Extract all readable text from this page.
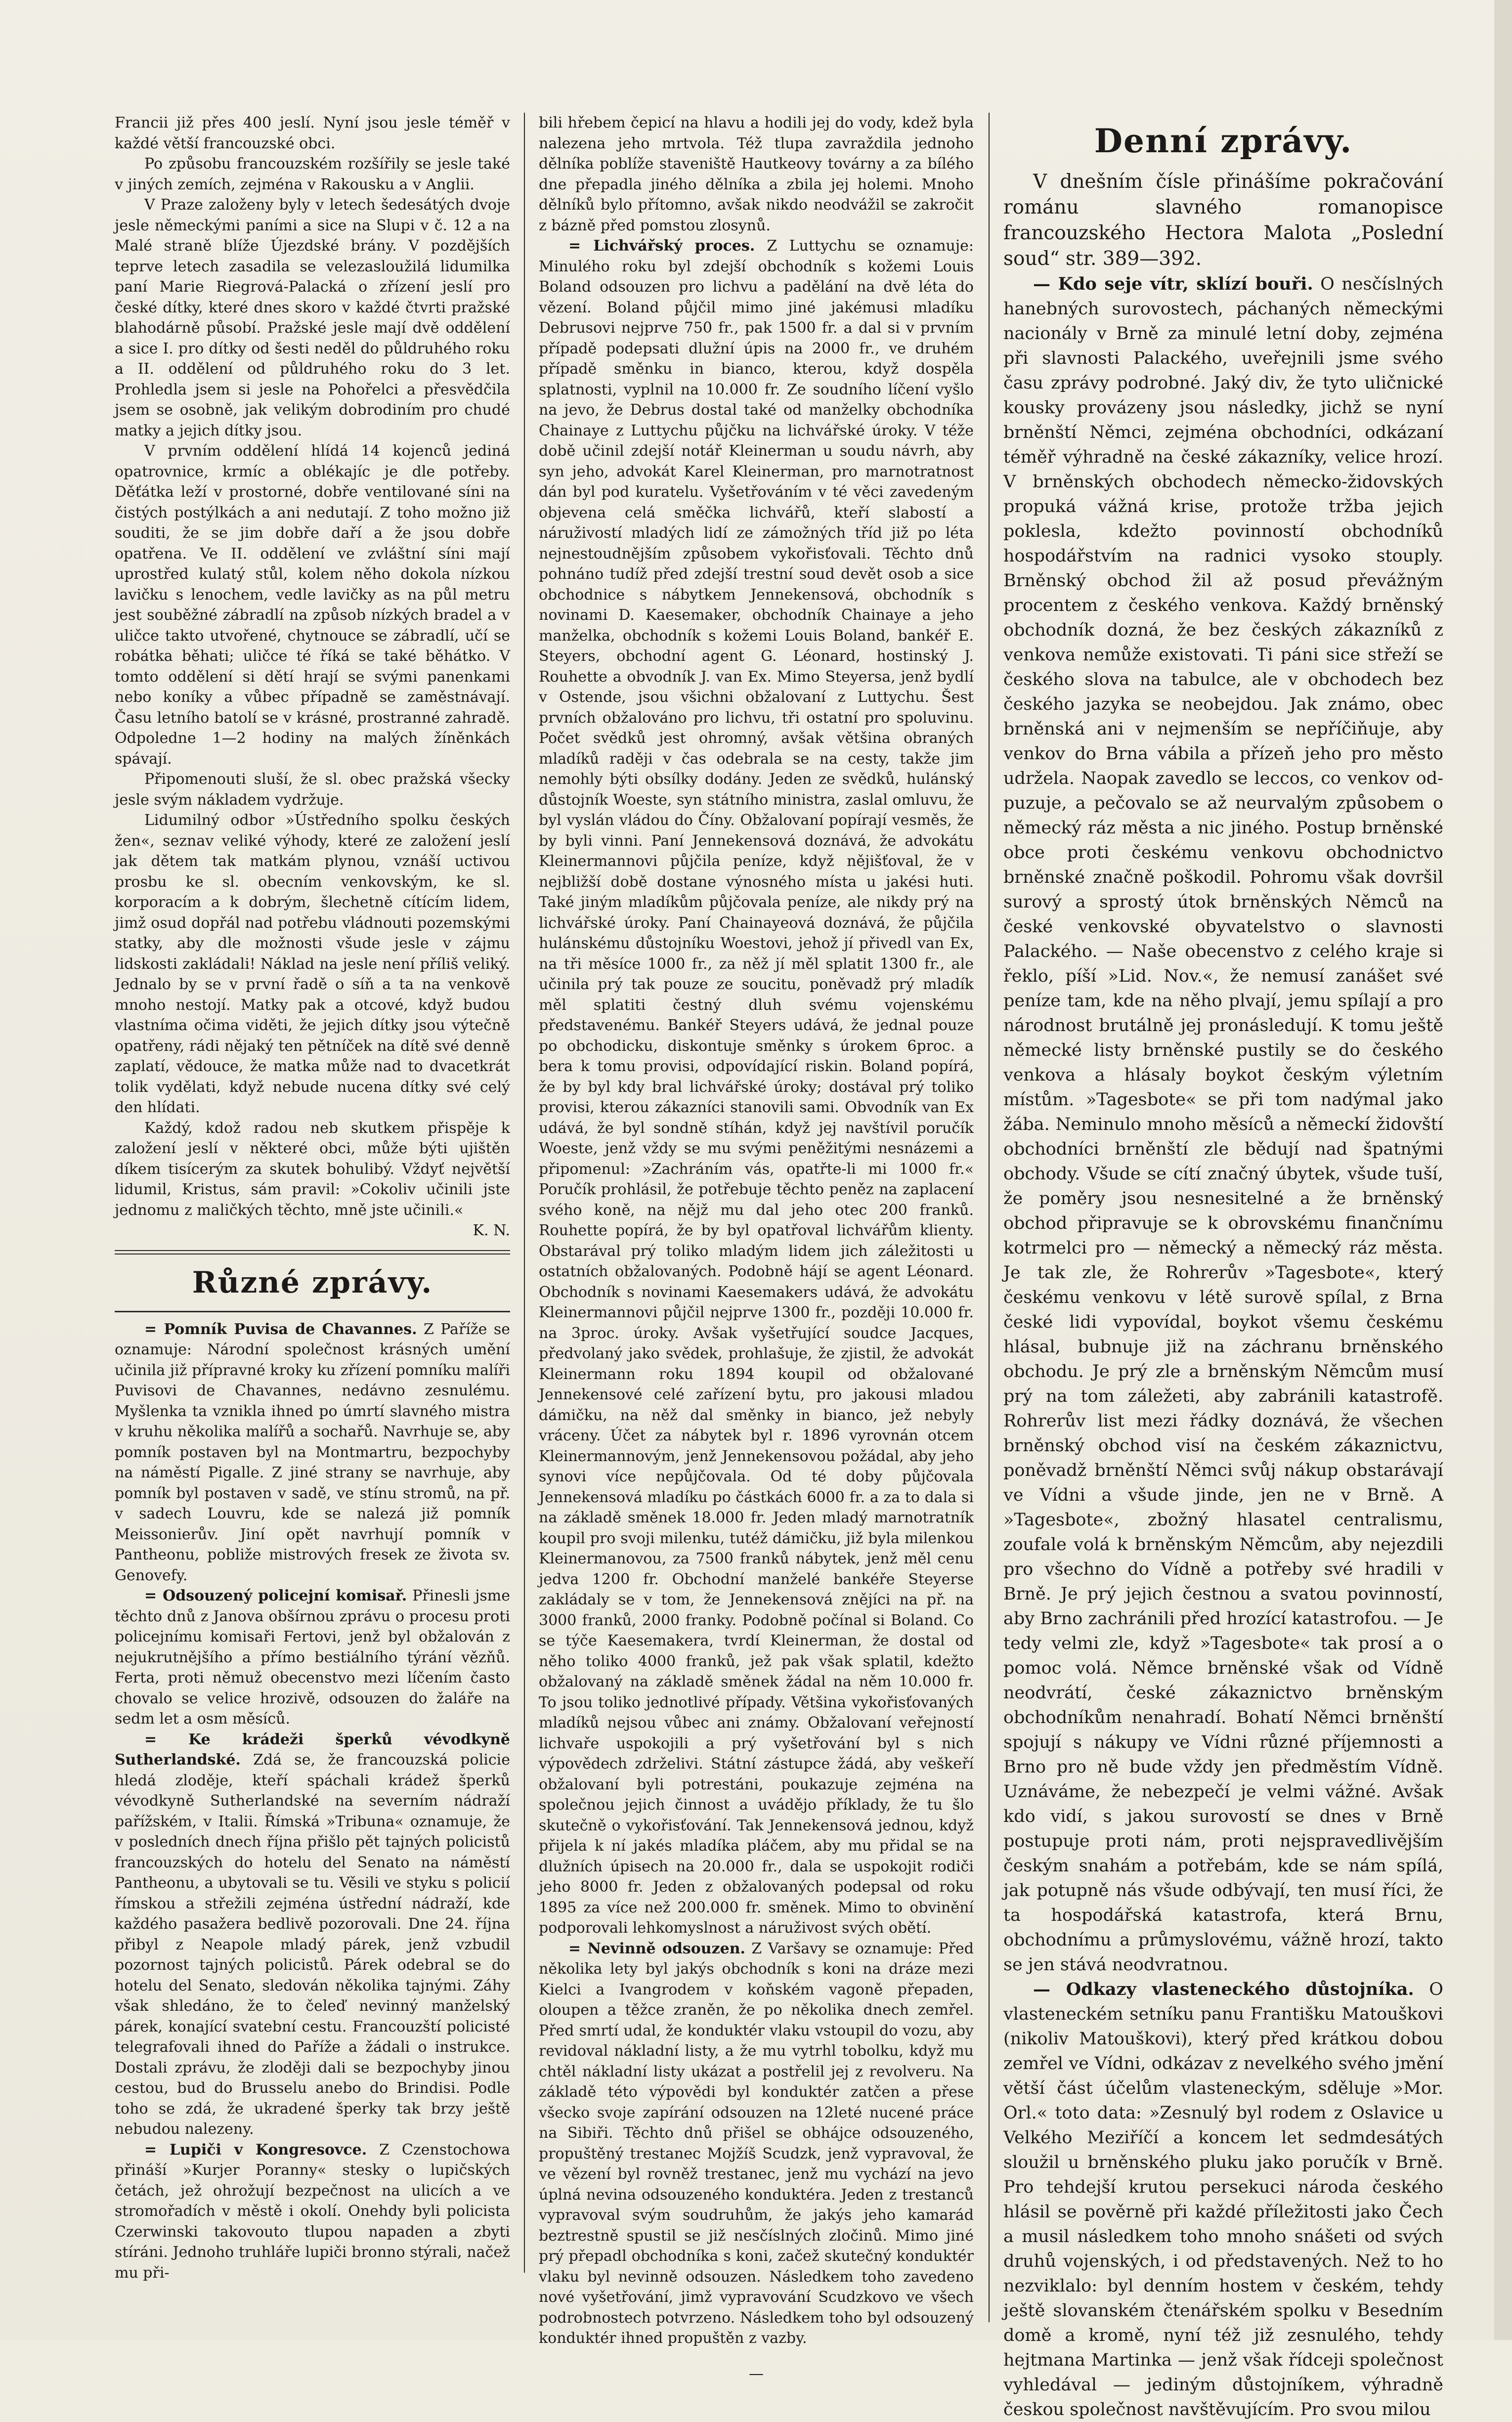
Francii již přes 400 jeslí. Nyní jsou jesle téměř v každé větší francouzské obci.

Po způsobu francouzském rozšířily se jesle také v jiných zemích, zejména v Rakousku a v Anglii.

V Praze založeny byly v letech šedesátých dvoje jesle německými paními a sice na Slupi v č. 12 a na Malé straně blíže Újezdské brány. V pozdějších teprve letech zasadila se velezasloužilá lidumilka paní Marie Riegrová-Palacká o zřízení jeslí pro české dítky, které dnes skoro v každé čtvrti pražské blahodárně působí. Pražské jesle mají dvě oddělení a sice I. pro dítky od šesti neděl do půldruhého roku a II. oddělení od půldruhého roku do 3 let. Prohledla jsem si jesle na Pohořelci a přesvědčila jsem se osobně, jak velikým dobrodiním pro chudé matky a jejich dítky jsou.

V prvním oddělení hlídá 14 kojenců jediná opatrovnice, krmíc a oblékajíc je dle potřeby. Děťátka leží v prostorné, dobře ventilované síni na čistých postýlkách a ani nedutají. Z toho možno již souditi, že se jim dobře daří a že jsou dobře opatřena. Ve II. oddělení ve zvláštní síni mají uprostřed kulatý stůl, kolem něho dokola nízkou lavičku s lenochem, vedle lavičky as na půl metru jest souběžné zábradlí na způsob nízkých bradel a v uličce takto utvořené, chytnouce se zábradlí, učí se robátka běhati; uličce té říká se také běhátko. V tomto oddělení si dětí hrají se svými panenkami nebo koníky a vůbec případně se zaměstnávají. Času letního batolí se v krásné, prostranné zahradě. Odpoledne 1—2 hodiny na malých žíněnkách spávají.

Připomenouti sluší, že sl. obec pražská všecky jesle svým nákladem vydržuje.

Lidumilný odbor »Ústředního spolku českých žen«, seznav veliké výhody, které ze založení jeslí jak dětem tak matkám plynou, vznáší uctivou prosbu ke sl. obecním venkovským, ke sl. korporacím a k dobrým, šlechetně cítícím lidem, jimž osud dopřál nad potřebu vládnouti pozemskými statky, aby dle možnosti všude jesle v zájmu lidskosti zakládali! Náklad na jesle není příliš veliký. Jednalo by se v první řadě o síň a ta na venkově mnoho nestojí. Matky pak a otcové, když budou vlastníma očima viděti, že jejich dítky jsou výtečně opatřeny, rádi nějaký ten pětníček na dítě své denně zaplatí, vědouce, že matka může nad to dvacetkrát tolik vydělati, když nebude nucena dítky své celý den hlídati.

Každý, kdož radou neb skutkem přispěje k založení jeslí v některé obci, může býti ujištěn díkem tisícerým za skutek bohulibý. Vždyť největší lidumil, Kristus, sám pravil: »Cokoliv učinili jste jednomu z maličkých těchto, mně jste učinili.«

K. N.
Různé zprávy.

= Pomník Puvisa de Chavannes. Z Paříže se oznamuje: Národní společnost krásných umění učinila již přípravné kroky ku zřízení pomníku malíři Puvisovi de Chavannes, nedávno zesnulému. Myšlenka ta vznikla ihned po úmrtí slavného mistra v kruhu několika malířů a sochařů. Navrhuje se, aby pomník postaven byl na Montmartru, bezpochyby na náměstí Pigalle. Z jiné strany se navrhuje, aby pomník byl postaven v sadě, ve stínu stromů, na př. v sadech Louvru, kde se nalezá již pomník Meissonierův. Jiní opět navrhují pomník v Pantheonu, pobliže mistrových fresek ze života sv. Genovefy.

= Odsouzený policejní komisař. Přinesli jsme těchto dnů z Janova obšírnou zprávu o procesu proti policejnímu komisaři Fertovi, jenž byl obžalován z nejukrutnějšího a přímo bestiálního týrání vězňů. Ferta, proti němuž obecenstvo mezi líčením často chovalo se velice hrozivě, odsouzen do žaláře na sedm let a osm měsíců.

= Ke krádeži šperků vévodkyně Sutherlandské. Zdá se, že francouzská policie hledá zloděje, kteří spáchali krádež šperků vévodkyně Sutherlandské na severním nádraží pařížském, v Italii. Římská »Tribuna« oznamuje, že v posledních dnech října přišlo pět tajných policistů francouzských do hotelu del Senato na náměstí Pantheonu, a ubytovali se tu. Věsili ve styku s policií římskou a střežili zejména ústřední nádraží, kde každého pasažera bedlivě pozorovali. Dne 24. října přibyl z Neapole mladý párek, jenž vzbudil pozornost tajných policistů. Párek odebral se do hotelu del Senato, sledován několika tajnými. Záhy však shledáno, že to čeleď nevinný manželský párek, konající svatební cestu. Francouzští policisté telegrafovali ihned do Paříže a žádali o instrukce. Dostali zprávu, že zloději dali se bezpochyby jinou cestou, bud do Brusselu anebo do Brindisi. Podle toho se zdá, že ukradené šperky tak brzy ještě nebudou nalezeny.

= Lupiči v Kongresovce. Z Czenstochowa přináší »Kurjer Poranny« stesky o lupičských četách, jež ohrožují bezpečnost na ulicích a ve stromořadích v městě i okolí. Onehdy byli policista Czerwinski takovouto tlupou napaden a zbyti stíráni. Jednoho truhláře lupiči bronno stýrali, načež mu při-

bili hřebem čepicí na hlavu a hodili jej do vody, kdež byla nalezena jeho mrtvola. Též tlupa zavraždila jednoho dělníka poblíže staveniště Hautkeovy továrny a za bílého dne přepadla jiného dělníka a zbila jej holemi. Mnoho dělníků bylo přítomno, avšak nikdo neodvážil se zakročit z bázně před pomstou zlosynů.

= Lichvářský proces. Z Luttychu se oznamuje: Minulého roku byl zdejší obchodník s kožemi Louis Boland odsouzen pro lichvu a padělání na dvě léta do vězení. Boland půjčil mimo jiné jakémusi mladíku Debrusovi nejprve 750 fr., pak 1500 fr. a dal si v prvním případě podepsati dlužní úpis na 2000 fr., ve druhém případě směnku in bianco, kterou, když dospěla splatnosti, vyplnil na 10.000 fr. Ze soudního líčení vyšlo na jevo, že Debrus dostal také od manželky obchodníka Chainaye z Luttychu půjčku na lichvářské úroky. V téže době učinil zdejší notář Kleinerman u soudu návrh, aby syn jeho, advokát Karel Kleinerman, pro marnotratnost dán byl pod kuratelu. Vyšetřováním v té věci zavedeným objevena celá směčka lichvářů, kteří slabostí a náruživostí mladých lidí ze zámožných tříd již po léta nejnestoudnějším způsobem vykořisťovali. Těchto dnů pohnáno tudíž před zdejší trestní soud devět osob a sice obchodnice s nábytkem Jennekensová, obchodník s novinami D. Kaesemaker, obchodník Chainaye a jeho manželka, obchodník s kožemi Louis Boland, bankéř E. Steyers, obchodní agent G. Léonard, hostinský J. Rouhette a obvodník J. van Ex. Mimo Steyersa, jenž bydlí v Ostende, jsou všichni obžalovaní z Luttychu. Šest prvních obžalováno pro lichvu, tři ostatní pro spoluvinu. Počet svědků jest ohromný, avšak většina obraných mladíků raději v čas odebrala se na cesty, takže jim nemohly býti obsílky dodány. Jeden ze svědků, hulánský důstojník Woeste, syn státního ministra, zaslal omluvu, že byl vyslán vládou do Číny. Obžalovaní popírají vesměs, že by byli vinni. Paní Jennekensová doznává, že advokátu Kleinermannovi půjčila peníze, když nějišťoval, že v nejbližší době dostane výnosného místa u jakési huti. Také jiným mladíkům půjčovala peníze, ale nikdy prý na lichvářské úroky. Paní Chainayeová doznává, že půjčila hulánskému důstojníku Woestovi, jehož jí přivedl van Ex, na tři měsíce 1000 fr., za něž jí měl splatit 1300 fr., ale učinila prý tak pouze ze soucitu, poněvadž prý mladík měl splatiti čestný dluh svému vojenskému představenému. Bankéř Steyers udává, že jednal pouze po obchodicku, diskontuje směnky s úrokem 6proc. a bera k tomu provisi, odpovídající riskin. Boland popírá, že by byl kdy bral lichvářské úroky; dostával prý toliko provisi, kterou zákazníci stanovili sami. Obvodník van Ex udává, že byl sondně stíhán, když jej navštívil poručík Woeste, jenž vždy se mu svými peněžitými nesnázemi a připomenul: »Zachráním vás, opatřte-li mi 1000 fr.« Poručík prohlásil, že potřebuje těchto peněz na zaplacení svého koně, na nějž mu dal jeho otec 200 franků. Rouhette popírá, že by byl opatřoval lichvářům klienty. Obstarával prý toliko mladým lidem jich záležitosti u ostatních obžalovaných. Podobně hájí se agent Léonard. Obchodník s novinami Kaesemakers udává, že advokátu Kleinermannovi půjčil nejprve 1300 fr., později 10.000 fr. na 3proc. úroky. Avšak vyšetřující soudce Jacques, předvolaný jako svědek, prohlašuje, že zjistil, že advokát Kleinermann roku 1894 koupil od obžalované Jennekensové celé zařízení bytu, pro jakousi mladou dámičku, na něž dal směnky in bianco, jež nebyly vráceny. Účet za nábytek byl r. 1896 vyrovnán otcem Kleinermannovým, jenž Jennekensovou požádal, aby jeho synovi více nepůjčovala. Od té doby půjčovala Jennekensová mladíku po částkách 6000 fr. a za to dala si na základě směnek 18.000 fr. Jeden mladý marnotratník koupil pro svoji milenku, tutéž dámičku, již byla milenkou Kleinermanovou, za 7500 franků nábytek, jenž měl cenu jedva 1200 fr. Obchodní manželé bankéře Steyerse zakládaly se v tom, že Jennekensová znějíci na př. na 3000 franků, 2000 franky. Podobně počínal si Boland. Co se týče Kaesemakera, tvrdí Kleinerman, že dostal od něho toliko 4000 franků, jež pak však splatil, kdežto obžalovaný na základě směnek žádal na něm 10.000 fr. To jsou toliko jednotlivé případy. Většina vykořisťovaných mladíků nejsou vůbec ani známy. Obžalovaní veřejností lichvaře uspokojili a prý vyšetřování byl s nich výpovědech zdrželivi. Státní zástupce žádá, aby veškeří obžalovaní byli potrestáni, poukazuje zejména na společnou jejich činnost a uvádějo příklady, že tu šlo skutečně o vykořisťování. Tak Jennekensová jednou, když přijela k ní jakés mladíka pláčem, aby mu přidal se na dlužních úpisech na 20.000 fr., dala se uspokojit rodiči jeho 8000 fr. Jeden z obžalovaných podepsal od roku 1895 za více než 200.000 fr. směnek. Mimo to obvinění podporovali lehkomyslnost a náruživost svých obětí.

= Nevinně odsouzen. Z Varšavy se oznamuje: Před několika lety byl jakýs obchodník s koni na dráze mezi Kielci a Ivangrodem v koňském vagoně přepaden, oloupen a těžce zraněn, že po několika dnech zemřel. Před smrtí udal, že konduktér vlaku vstoupil do vozu, aby revidoval nákladní listy, a že mu vytrhl tobolku, když mu chtěl nákladní listy ukázat a postřelil jej z revolveru. Na základě této výpovědi byl konduktér zatčen a přese všecko svoje zapírání odsouzen na 12leté nucené práce na Sibiři. Těchto dnů přišel se obhájce odsouzeného, propuštěný trestanec Mojžíš Scudzk, jenž vypravoval, že ve vězení byl rovněž trestanec, jenž mu vychází na jevo úplná nevina odsouzeného konduktéra. Jeden z trestanců vypravoval svým soudruhům, že jakýs jeho kamarád beztrestně spustil se již nesčíslných zločinů. Mimo jiné prý přepadl obchodníka s koni, začež skutečný konduktér vlaku byl nevinně odsouzen. Následkem toho zavedeno nové vyšetřování, jimž vypravování Scudzkovo ve všech podrobnostech potvrzeno. Následkem toho byl odsouzený konduktér ihned propuštěn z vazby.

—
Denní zprávy.

V dnešním čísle přinášíme pokračování románu slavného romanopisce francouzského Hectora Malota „Poslední soud“ str. 389—392.

— Kdo seje vítr, sklízí bouři. O nesčíslných hanebných surovostech, páchaných německými nacionály v Brně za minulé letní doby, zejména při slavnosti Palackého, uveřejnili jsme svého času zprávy podrobné. Jaký div, že tyto uličnické kousky provázeny jsou následky, jichž se nyní brněnští Němci, zejména obchodníci, odkázaní téměř výhradně na české zákazníky, velice hrozí. V brněnských obchodech německo-židovských propuká vážná krise, protože tržba jejich poklesla, kdežto povinností obchodníků hospodářstvím na radnici vysoko stouply. Brněnský obchod žil až posud převážným procentem z českého venkova. Každý brněnský obchodník dozná, že bez českých zákazníků z venkova nemůže existovati. Ti páni sice střeží se českého slova na tabulce, ale v obchodech bez českého jazyka se neobejdou. Jak známo, obec brněnská ani v nejmenším se nepříčiňuje, aby venkov do Brna vábila a přízeň jeho pro město udržela. Naopak zavedlo se leccos, co venkov od-puzuje, a pečovalo se až neurvalým způsobem o německý ráz města a nic jiného. Postup brněnské obce proti českému venkovu obchodnictvo brněnské značně poškodil. Pohromu však dovršil surový a sprostý útok brněnských Němců na české venkovské obyvatelstvo o slavnosti Palackého. — Naše obecenstvo z celého kraje si řeklo, píší »Lid. Nov.«, že nemusí zanášet své peníze tam, kde na něho plvají, jemu spílají a pro národnost brutálně jej pronásledují. K tomu ještě německé listy brněnské pustily se do českého venkova a hlásaly boykot českým výletním místům. »Tagesbote« se při tom nadýmal jako žába. Neminulo mnoho měsíců a německí židovští obchodníci brněnští zle bědují nad špatnými obchody. Všude se cítí značný úbytek, všude tuší, že poměry jsou nesnesitelné a že brněnský obchod připravuje se k obrovskému finančnímu kotrmelci pro — německý a německý ráz města. Je tak zle, že Rohrerův »Tagesbote«, který českému venkovu v létě surově spílal, z Brna české lidi vypovídal, boykot všemu českému hlásal, bubnuje již na záchranu brněnského obchodu. Je prý zle a brněnským Němcům musí prý na tom záležeti, aby zabránili katastrofě. Rohrerův list mezi řádky doznává, že všechen brněnský obchod visí na českém zákaznictvu, poněvadž brněnští Němci svůj nákup obstarávají ve Vídni a všude jinde, jen ne v Brně. A »Tagesbote«, zbožný hlasatel centralismu, zoufale volá k brněnským Němcům, aby nejezdili pro všechno do Vídně a potřeby své hradili v Brně. Je prý jejich čestnou a svatou povinností, aby Brno zachránili před hrozící katastrofou. — Je tedy velmi zle, když »Tagesbote« tak prosí a o pomoc volá. Němce brněnské však od Vídně neodvrátí, české zákaznictvo brněnským obchodníkům nenahradí. Bohatí Němci brněnští spojují s nákupy ve Vídni různé příjemnosti a Brno pro ně bude vždy jen předměstím Vídně. Uznáváme, že nebezpečí je velmi vážné. Avšak kdo vidí, s jakou surovostí se dnes v Brně postupuje proti nám, proti nejspravedlivějším českým snahám a potřebám, kde se nám spílá, jak potupně nás všude odbývají, ten musí říci, že ta hospodářská katastrofa, která Brnu, obchodnímu a průmyslovému, vážně hrozí, takto se jen stává neodvratnou.

— Odkazy vlasteneckého důstojníka. O vlasteneckém setníku panu Františku Matouškovi (nikoliv Matouškovi), který před krátkou dobou zemřel ve Vídni, odkázav z nevelkého svého jmění větší část účelům vlasteneckým, sděluje »Mor. Orl.« toto data: »Zesnulý byl rodem z Oslavice u Velkého Meziříčí a koncem let sedmdesátých sloužil u brněnského pluku jako poručík v Brně. Pro tehdejší krutou persekuci národa českého hlásil se pověrně při každé příležitosti jako Čech a musil následkem toho mnoho snášeti od svých druhů vojenských, i od představených. Než to ho nezviklalo: byl denním hostem v českém, tehdy ještě slovanském čtenářském spolku v Besedním domě a kromě, nyní též již zesnulého, tehdy hejtmana Martinka — jenž však řídceji společnost vyhledával — jediným důstojníkem, výhradně českou společnost navštěvujícím. Pro svou milou
